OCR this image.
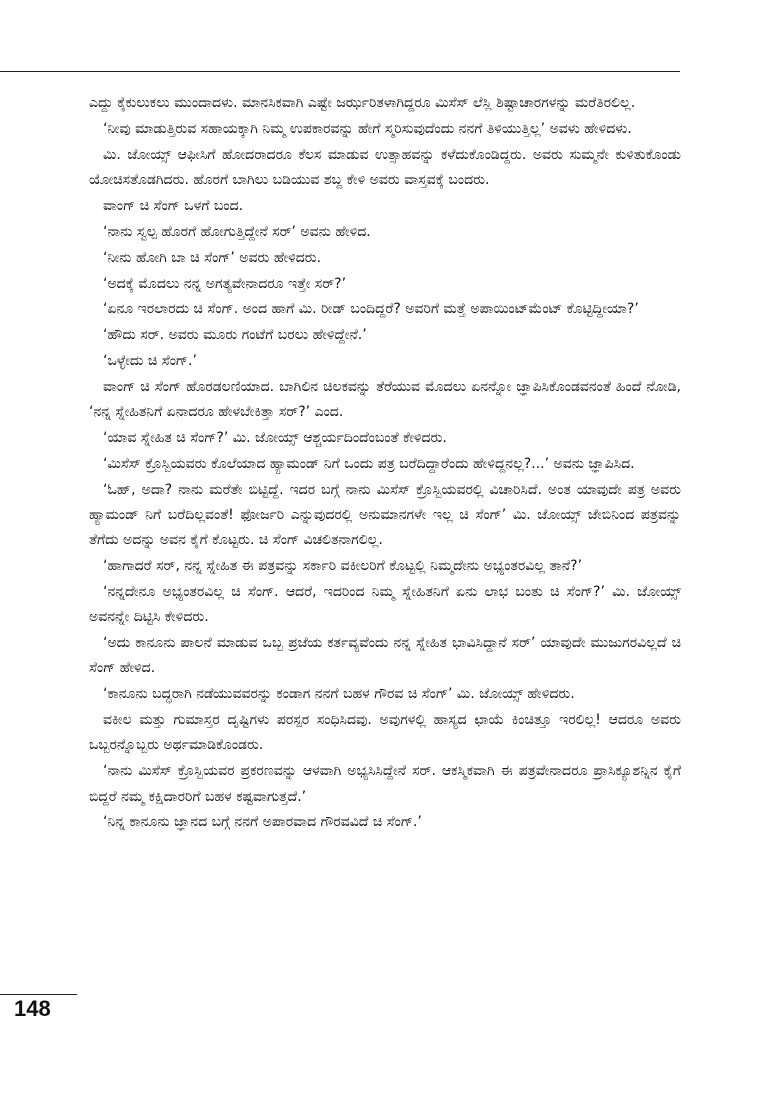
ಎದ್ದು ಕೈಕುಲುಕಲು ಮುಂದಾದಳು. ಮಾನಸಿಕವಾಗಿ ಎಷ್ಟೇ ಜರ್ಝರಿತಳಾಗಿದ್ದರೂ ಮಿಸೆಸ್ ಲೆಸ್ಲಿ ಶಿಷ್ಟಾಚಾರಗಳನ್ನು ಮರೆತಿರಲಿಲ್ಲ.

‘ನೀವು ಮಾಡುತ್ತಿರುವ ಸಹಾಯಕ್ಕಾಗಿ ನಿಮ್ಮ ಉಪಕಾರವನ್ನು ಹೇಗೆ ಸ್ಮರಿಸುವುದೆಂದು ನನಗೆ ತಿಳಿಯುತ್ತಿಲ್ಲ’ ಅವಳು ಹೇಳಿದಳು.

ಮಿ. ಜೋಯ್ಸ್ ಆಫೀಸಿಗೆ ಹೋದರಾದರೂ ಕೆಲಸ ಮಾಡುವ ಉತ್ಸಾಹವನ್ನು ಕಳೆದುಕೊಂಡಿದ್ದರು. ಅವರು ಸುಮ್ಮನೇ ಕುಳಿತುಕೊಂಡು ಯೋಚಿಸತೊಡಗಿದರು. ಹೊರಗೆ ಬಾಗಿಲು ಬಡಿಯುವ ಶಬ್ದ ಕೇಳಿ ಅವರು ವಾಸ್ತವಕ್ಕೆ ಬಂದರು.

ವಾಂಗ್ ಚಿ ಸೆಂಗ್ ಒಳಗೆ ಬಂದ.

‘ನಾನು ಸ್ವಲ್ಪ ಹೊರಗೆ ಹೋಗುತ್ತಿದ್ದೇನೆ ಸರ್’ ಅವನು ಹೇಳಿದ.

‘ನೀನು ಹೋಗಿ ಬಾ ಚಿ ಸೆಂಗ್’ ಅವರು ಹೇಳಿದರು.

‘ಅದಕ್ಕೆ ಮೊದಲು ನನ್ನ ಅಗತ್ಯವೇನಾದರೂ ಇತ್ತೇ ಸರ್?’

‘ಏನೂ ಇರಲಾರದು ಚಿ ಸೆಂಗ್. ಅಂದ ಹಾಗೆ ಮಿ. ರೀಡ್ ಬಂದಿದ್ದರೆ? ಅವರಿಗೆ ಮತ್ತೆ ಅಪಾಯಿಂಟ್‌ಮೆಂಟ್ ಕೊಟ್ಟಿದ್ದೀಯಾ?’

‘ಹೌದು ಸರ್. ಅವರು ಮೂರು ಗಂಟೆಗೆ ಬರಲು ಹೇಳಿದ್ದೇನೆ.’

‘ಒಳ್ಳೇದು ಚಿ ಸೆಂಗ್.’

ವಾಂಗ್ ಚಿ ಸೆಂಗ್ ಹೊರಡಲಣಿಯಾದ. ಬಾಗಿಲಿನ ಚಿಲಕವನ್ನು ತೆರೆಯುವ ಮೊದಲು ಏನನ್ನೋ ಜ್ಞಾಪಿಸಿಕೊಂಡವನಂತೆ ಹಿಂದೆ ನೋಡಿ, ‘ನನ್ನ ಸ್ನೇಹಿತನಿಗೆ ಏನಾದರೂ ಹೇಳಬೇಕಿತ್ತಾ ಸರ್?’ ಎಂದ.

‘ಯಾವ ಸ್ನೇಹಿತ ಚಿ ಸೆಂಗ್?’ ಮಿ. ಜೋಯ್ಸ್ ಆಶ್ಚರ್ಯದಿಂದೆಂಬಂತೆ ಕೇಳಿದರು.

‘ಮಿಸೆಸ್ ಕ್ರೊಸ್ಬಿಯವರು ಕೊಲೆಯಾದ ಹ್ಯಾಮಂಡ್ ನಿಗೆ ಒಂದು ಪತ್ರ ಬರೆದಿದ್ದಾರೆಂದು ಹೇಳಿದ್ದನಲ್ಲ?...’ ಅವನು ಜ್ಞಾಪಿಸಿದ.

‘ಓಹ್, ಅದಾ? ನಾನು ಮರೆತೇ ಬಿಟ್ಟಿದ್ದೆ. ಇದರ ಬಗ್ಗೆ ನಾನು ಮಿಸೆಸ್ ಕ್ರೊಸ್ಬಿಯವರಲ್ಲಿ ವಿಚಾರಿಸಿದೆ. ಅಂತ ಯಾವುದೇ ಪತ್ರ ಅವರು ಹ್ಯಾಮಂಡ್ ನಿಗೆ ಬರೆದಿಲ್ಲವಂತೆ! ಫೋರ್ಜರಿ ಎನ್ನುವುದರಲ್ಲಿ ಅನುಮಾನಗಳೇ ಇಲ್ಲ ಚಿ ಸೆಂಗ್’ ಮಿ. ಜೋಯ್ಸ್ ಜೇಬಿನಿಂದ ಪತ್ರವನ್ನು ತೆಗೆದು ಅದನ್ನು ಅವನ ಕೈಗೆ ಕೊಟ್ಟರು. ಚಿ ಸೆಂಗ್ ವಿಚಲಿತನಾಗಲಿಲ್ಲ.

‘ಹಾಗಾದರೆ ಸರ್, ನನ್ನ ಸ್ನೇಹಿತ ಈ ಪತ್ರವನ್ನು ಸರ್ಕಾರಿ ವಕೀಲರಿಗೆ ಕೊಟ್ಟಲ್ಲಿ ನಿಮ್ಮದೇನು ಅಭ್ಯಂತರವಿಲ್ಲ ತಾನೆ?’

‘ನನ್ನದೇನೂ ಅಭ್ಯಂತರವಿಲ್ಲ ಚಿ ಸೆಂಗ್. ಆದರೆ, ಇದರಿಂದ ನಿಮ್ಮ ಸ್ನೇಹಿತನಿಗೆ ಏನು ಲಾಭ ಬಂತು ಚಿ ಸೆಂಗ್?’ ಮಿ. ಜೋಯ್ಸ್ ಅವನನ್ನೇ ದಿಟ್ಟಿಸಿ ಕೇಳಿದರು.

‘ಅದು ಕಾನೂನು ಪಾಲನೆ ಮಾಡುವ ಒಬ್ಬ ಪ್ರಜೆಯ ಕರ್ತವ್ಯವೆಂದು ನನ್ನ ಸ್ನೇಹಿತ ಭಾವಿಸಿದ್ದಾನೆ ಸರ್’ ಯಾವುದೇ ಮುಜುಗರವಿಲ್ಲದೆ ಚಿ ಸೆಂಗ್ ಹೇಳಿದ.

‘ಕಾನೂನು ಬದ್ಧರಾಗಿ ನಡೆಯುವವರನ್ನು ಕಂಡಾಗ ನನಗೆ ಬಹಳ ಗೌರವ ಚಿ ಸೆಂಗ್’ ಮಿ. ಜೋಯ್ಸ್ ಹೇಳಿದರು.

ವಕೀಲ ಮತ್ತು ಗುಮಾಸ್ತರ ದೃಷ್ಟಿಗಳು ಪರಸ್ಪರ ಸಂಧಿಸಿದವು. ಅವುಗಳಲ್ಲಿ ಹಾಸ್ಯದ ಛಾಯೆ ಕಿಂಚಿತ್ತೂ ಇರಲಿಲ್ಲ! ಆದರೂ ಅವರು ಒಬ್ಬರನ್ನೊಬ್ಬರು ಅರ್ಥಮಾಡಿಕೊಂಡರು.

‘ನಾನು ಮಿಸೆಸ್ ಕ್ರೊಸ್ಬಿಯವರ ಪ್ರಕರಣವನ್ನು ಆಳವಾಗಿ ಅಭ್ಯಸಿಸಿದ್ದೇನೆ ಸರ್. ಆಕಸ್ಮಿಕವಾಗಿ ಈ ಪತ್ರವೇನಾದರೂ ಪ್ರಾಸಿಕ್ಯೂಶನ್ನಿನ ಕೈಗೆ ಬಿದ್ದರೆ ನಮ್ಮ ಕಕ್ಷಿದಾರರಿಗೆ ಬಹಳ ಕಷ್ಟವಾಗುತ್ತದೆ.’

‘ನಿನ್ನ ಕಾನೂನು ಜ್ಞಾನದ ಬಗ್ಗೆ ನನಗೆ ಅಪಾರವಾದ ಗೌರವವಿದೆ ಚಿ ಸೆಂಗ್.’

148
